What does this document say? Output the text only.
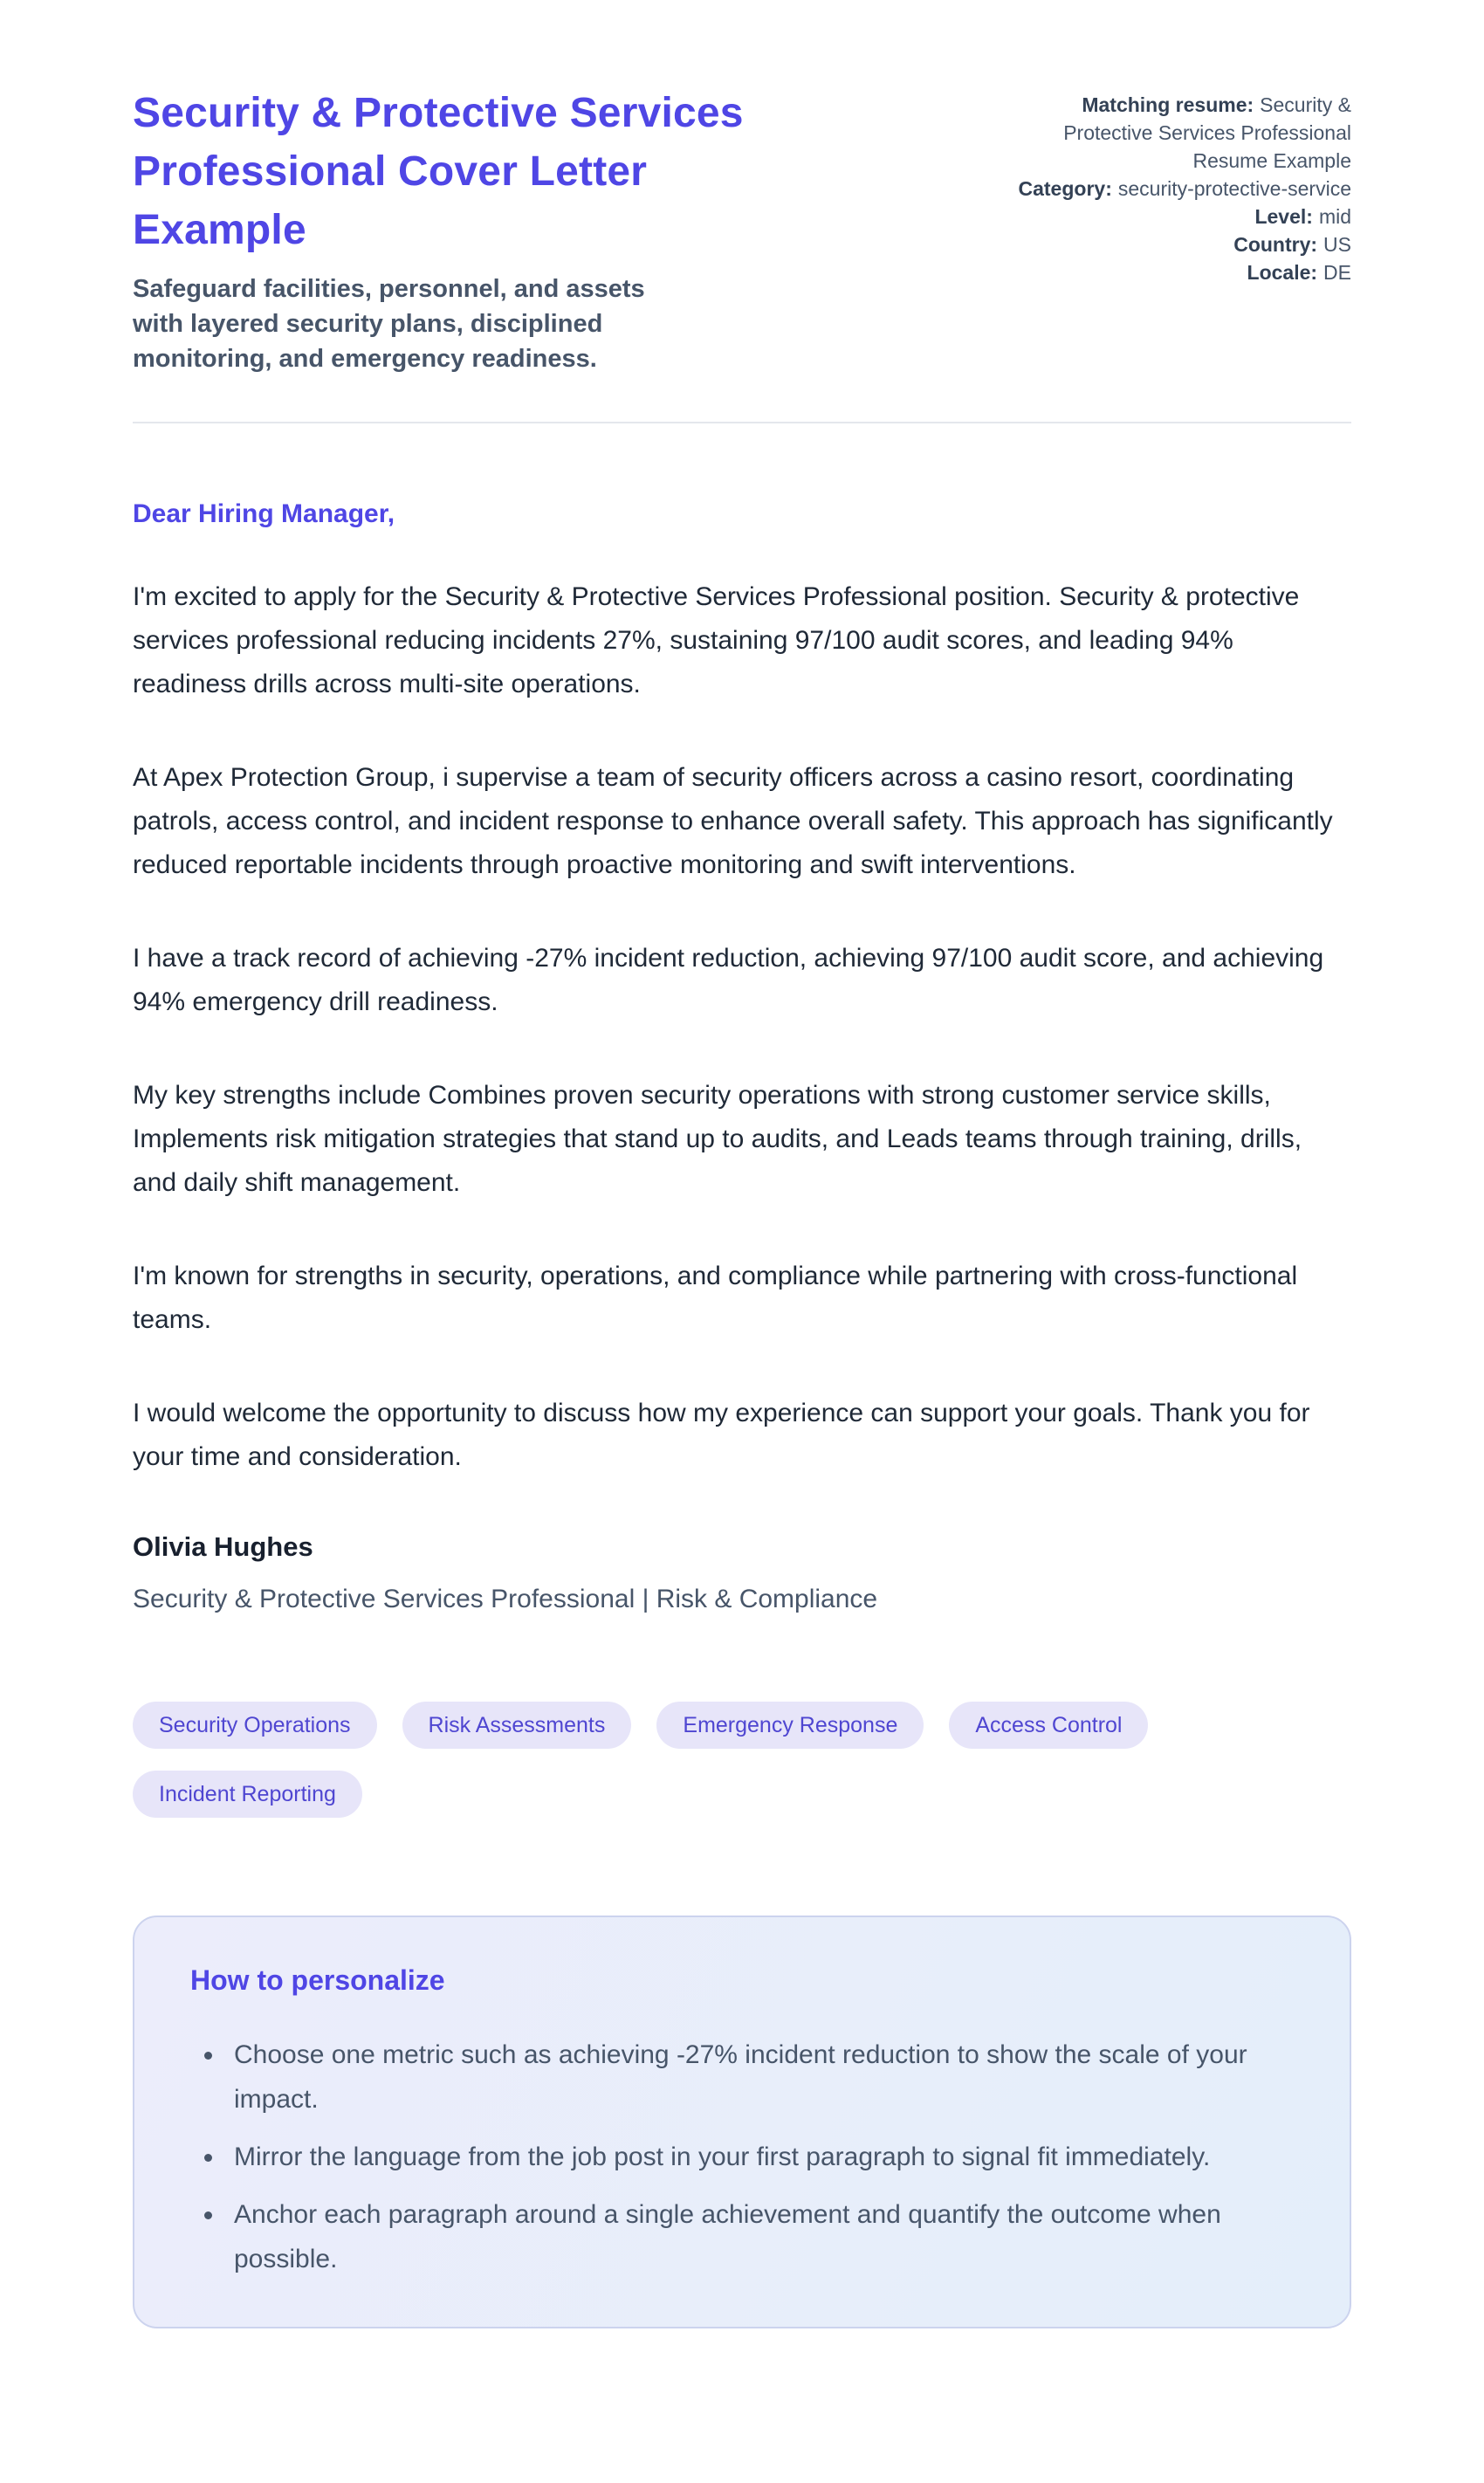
Security & Protective Services
Professional Cover Letter
Example

Safeguard facilities, personnel, and assets
with layered security plans, disciplined
monitoring, and emergency readiness.

Matching resume: Security & Protective Services Professional Resume Example
Category: security-protective-service
Level: mid
Country: US
Locale: DE

Dear Hiring Manager,

I'm excited to apply for the Security & Protective Services Professional position. Security & protective services professional reducing incidents 27%, sustaining 97/100 audit scores, and leading 94% readiness drills across multi-site operations.

At Apex Protection Group, i supervise a team of security officers across a casino resort, coordinating patrols, access control, and incident response to enhance overall safety. This approach has significantly reduced reportable incidents through proactive monitoring and swift interventions.

I have a track record of achieving -27% incident reduction, achieving 97/100 audit score, and achieving 94% emergency drill readiness.

My key strengths include Combines proven security operations with strong customer service skills, Implements risk mitigation strategies that stand up to audits, and Leads teams through training, drills, and daily shift management.

I'm known for strengths in security, operations, and compliance while partnering with cross-functional teams.

I would welcome the opportunity to discuss how my experience can support your goals. Thank you for your time and consideration.

Olivia Hughes

Security & Protective Services Professional | Risk & Compliance

Security Operations	Risk Assessments	Emergency Response	Access Control
Incident Reporting
How to personalize
• Choose one metric such as achieving -27% incident reduction to show the scale of your impact.
• Mirror the language from the job post in your first paragraph to signal fit immediately.
• Anchor each paragraph around a single achievement and quantify the outcome when possible.
